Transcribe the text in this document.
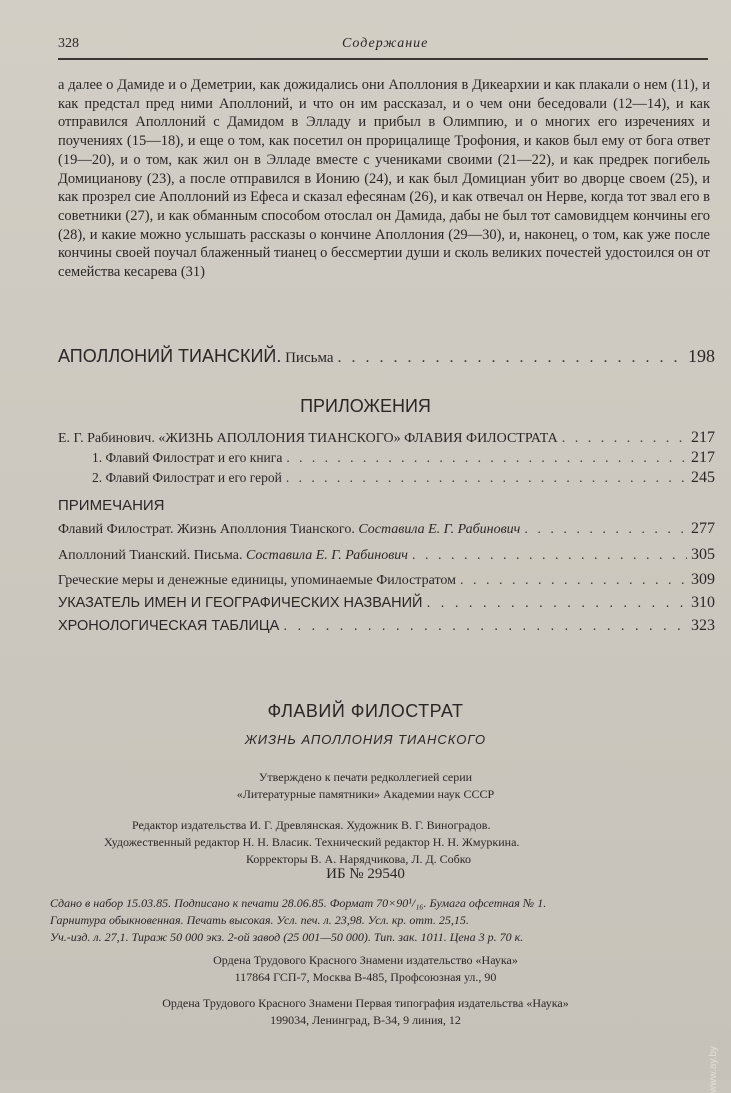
328	Содержание
а далее о Дамиде и о Деметрии, как дожидались они Аполлония в Дикеархии и как плакали о нем (11), и как предстал пред ними Аполлоний, и что он им рассказал, и о чем они беседовали (12—14), и как отправился Аполлоний с Дамидом в Элладу и прибыл в Олимпию, и о многих его изречениях и поучениях (15—18), и еще о том, как посетил он прорицалище Трофония, и каков был ему от бога ответ (19—20), и о том, как жил он в Элладе вместе с учениками своими (21—22), и как предрек погибель Домицианову (23), а после отправился в Ионию (24), и как был Домициан убит во дворце своем (25), и как прозрел сие Аполлоний из Ефеса и сказал ефесянам (26), и как отвечал он Нерве, когда тот звал его в советники (27), и как обманным способом отослал он Дамида, дабы не был тот самовидцем кончины его (28), и какие можно услышать рассказы о кончине Аполлония (29—30), и, наконец, о том, как уже после кончины своей поучал блаженный тианец о бессмертии души и сколь великих почестей удостоился он от семейства кесарева (31)
АПОЛЛОНИЙ ТИАНСКИЙ. Письма . . .	198
ПРИЛОЖЕНИЯ
Е. Г. Рабинович. «ЖИЗНЬ АПОЛЛОНИЯ ТИАНСКОГО» ФЛАВИЯ ФИЛОСТРАТА . . .	217
1. Флавий Филострат и его книга . . .	217
2. Флавий Филострат и его герой . . .	245
ПРИМЕЧАНИЯ
Флавий Филострат. Жизнь Аполлония Тианского. Составила Е. Г. Рабинович . . .	277
Аполлоний Тианский. Письма. Составила Е. Г. Рабинович . . .	305
Греческие меры и денежные единицы, упоминаемые Филостратом . . .	309
УКАЗАТЕЛЬ ИМЕН И ГЕОГРАФИЧЕСКИХ НАЗВАНИЙ . . .	310
ХРОНОЛОГИЧЕСКАЯ ТАБЛИЦА . . .	323
ФЛАВИЙ ФИЛОСТРАТ
ЖИЗНЬ АПОЛЛОНИЯ ТИАНСКОГО
Утверждено к печати редколлегией серии
«Литературные памятники» Академии наук СССР
Редактор издательства И. Г. Древлянская. Художник В. Г. Виноградов.
Художественный редактор Н. Н. Власик. Технический редактор Н. Н. Жмуркина.
Корректоры В. А. Нарядчикова, Л. Д. Собко
ИБ № 29540
Сдано в набор 15.03.85. Подписано к печати 28.06.85. Формат 70×90¹/₁₆. Бумага офсетная № 1.
Гарнитура обыкновенная. Печать высокая. Усл. печ. л. 23,98. Усл. кр. отт. 25,15.
Уч.-изд. л. 27,1. Тираж 50 000 экз. 2-ой завод (25 001—50 000). Тип. зак. 1011. Цена 3 р. 70 к.
Ордена Трудового Красного Знамени издательство «Наука»
117864 ГСП-7, Москва В-485, Профсоюзная ул., 90
Ордена Трудового Красного Знамени Первая типография издательства «Наука»
199034, Ленинград, В-34, 9 линия, 12
www.ay.by
